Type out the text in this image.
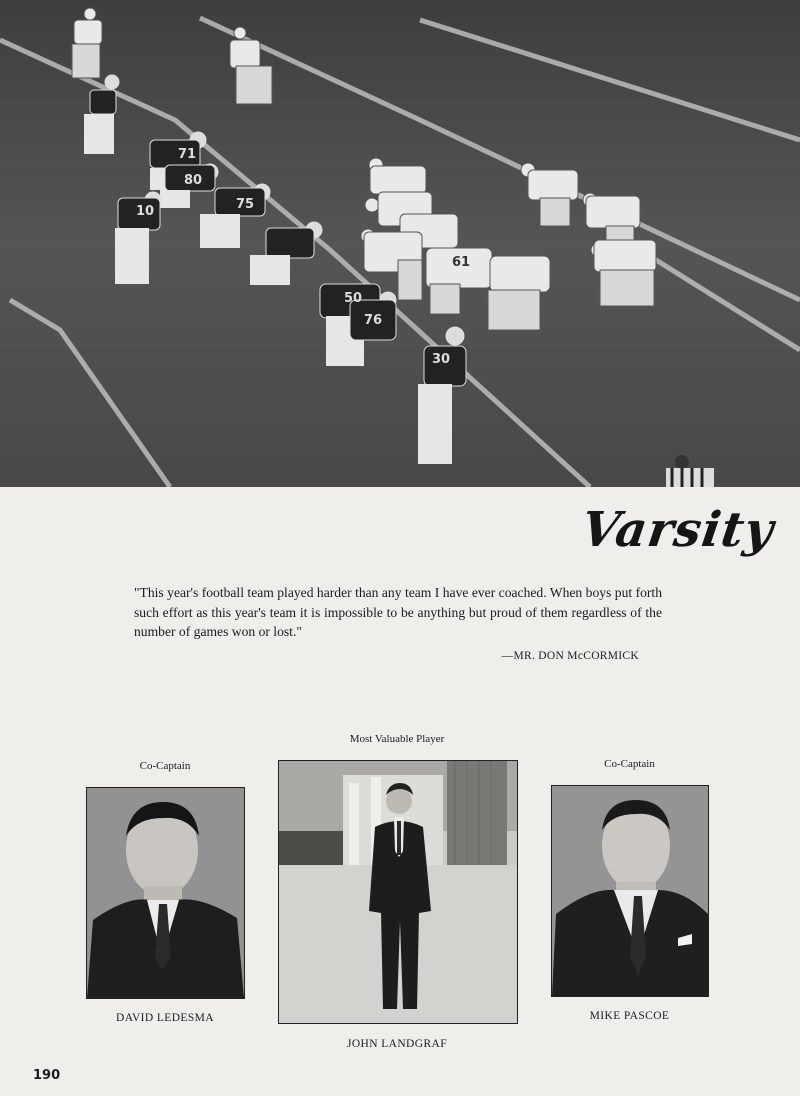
71
80
75
10
50
76
30
61
Varsity
"This year's football team played harder than any team I have ever coached. When boys put forth such effort as this year's team it is impossible to be anything but proud of them regardless of the number of games won or lost."
—MR. DON McCORMICK
Co-Captain
Most Valuable Player
Co-Captain
DAVID LEDESMA
JOHN LANDGRAF
MIKE PASCOE
190
